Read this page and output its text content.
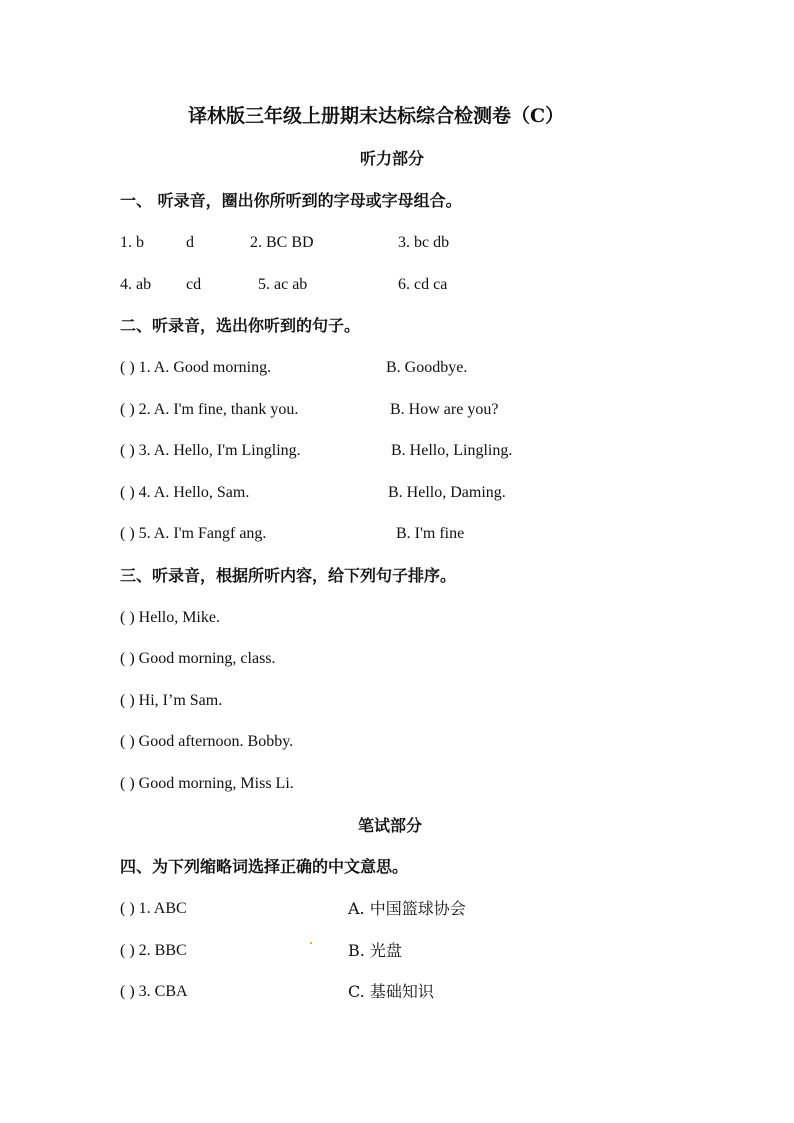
译林版三年级上册期末达标综合检测卷（C）
听力部分
一、 听录音，圈出你所听到的字母或字母组合。
1. b	d	2. BC BD	3. bc db
4. ab cd	5. ac ab	6. cd ca
二、听录音，选出你听到的句子。
( ) 1. A. Good morning.	B. Goodbye.
( ) 2. A. I'm fine, thank you.	B. How are you?
( ) 3. A. Hello, I'm Lingling.	B. Hello, Lingling.
( ) 4. A. Hello, Sam.	B. Hello, Daming.
( ) 5. A. I'm Fangf ang.	B. I'm fine
三、听录音，根据所听内容，给下列句子排序。
( ) Hello, Mike.
( ) Good morning, class.
( ) Hi, I’m Sam.
( ) Good afternoon. Bobby.
( ) Good morning, Miss Li.
笔试部分
四、为下列缩略词选择正确的中文意思。
( ) 1. ABC	A. 中国篮球协会
( ) 2. BBC	B. 光盘
( ) 3. CBA	C. 基础知识
